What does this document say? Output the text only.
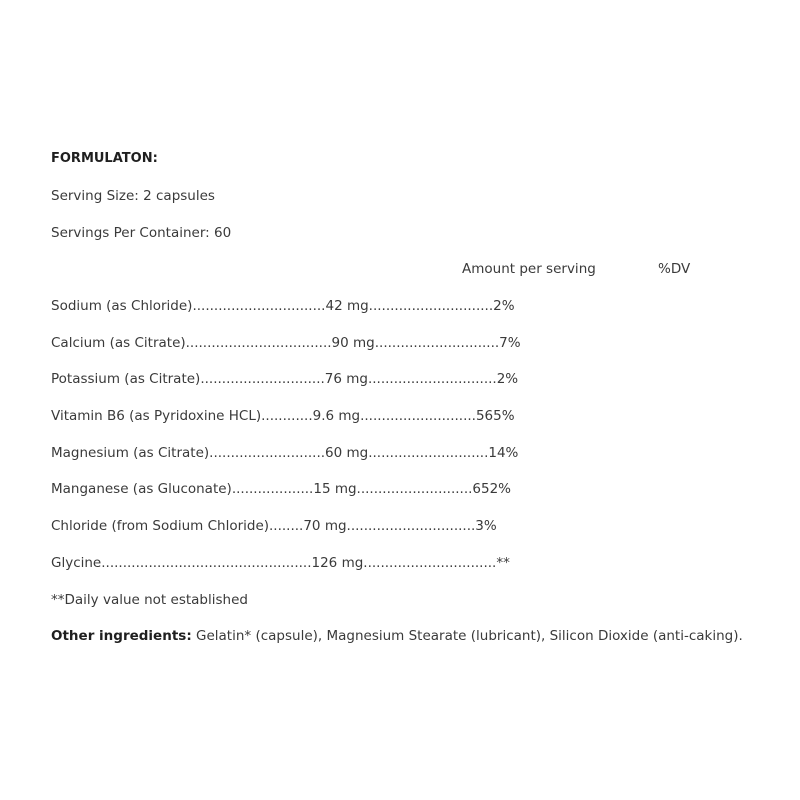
FORMULATON:
Serving Size: 2 capsules
Servings Per Container: 60
Amount per serving	%DV
Sodium (as Chloride)...............................42 mg.............................2%
Calcium (as Citrate)..................................90 mg.............................7%
Potassium (as Citrate).............................76 mg..............................2%
Vitamin B6 (as Pyridoxine HCL)............9.6 mg...........................565%
Magnesium (as Citrate)...........................60 mg............................14%
Manganese (as Gluconate)...................15 mg...........................652%
Chloride (from Sodium Chloride)........70 mg..............................3%
Glycine.................................................126 mg...............................**
**Daily value not established
Other ingredients: Gelatin* (capsule), Magnesium Stearate (lubricant), Silicon Dioxide (anti-caking).
